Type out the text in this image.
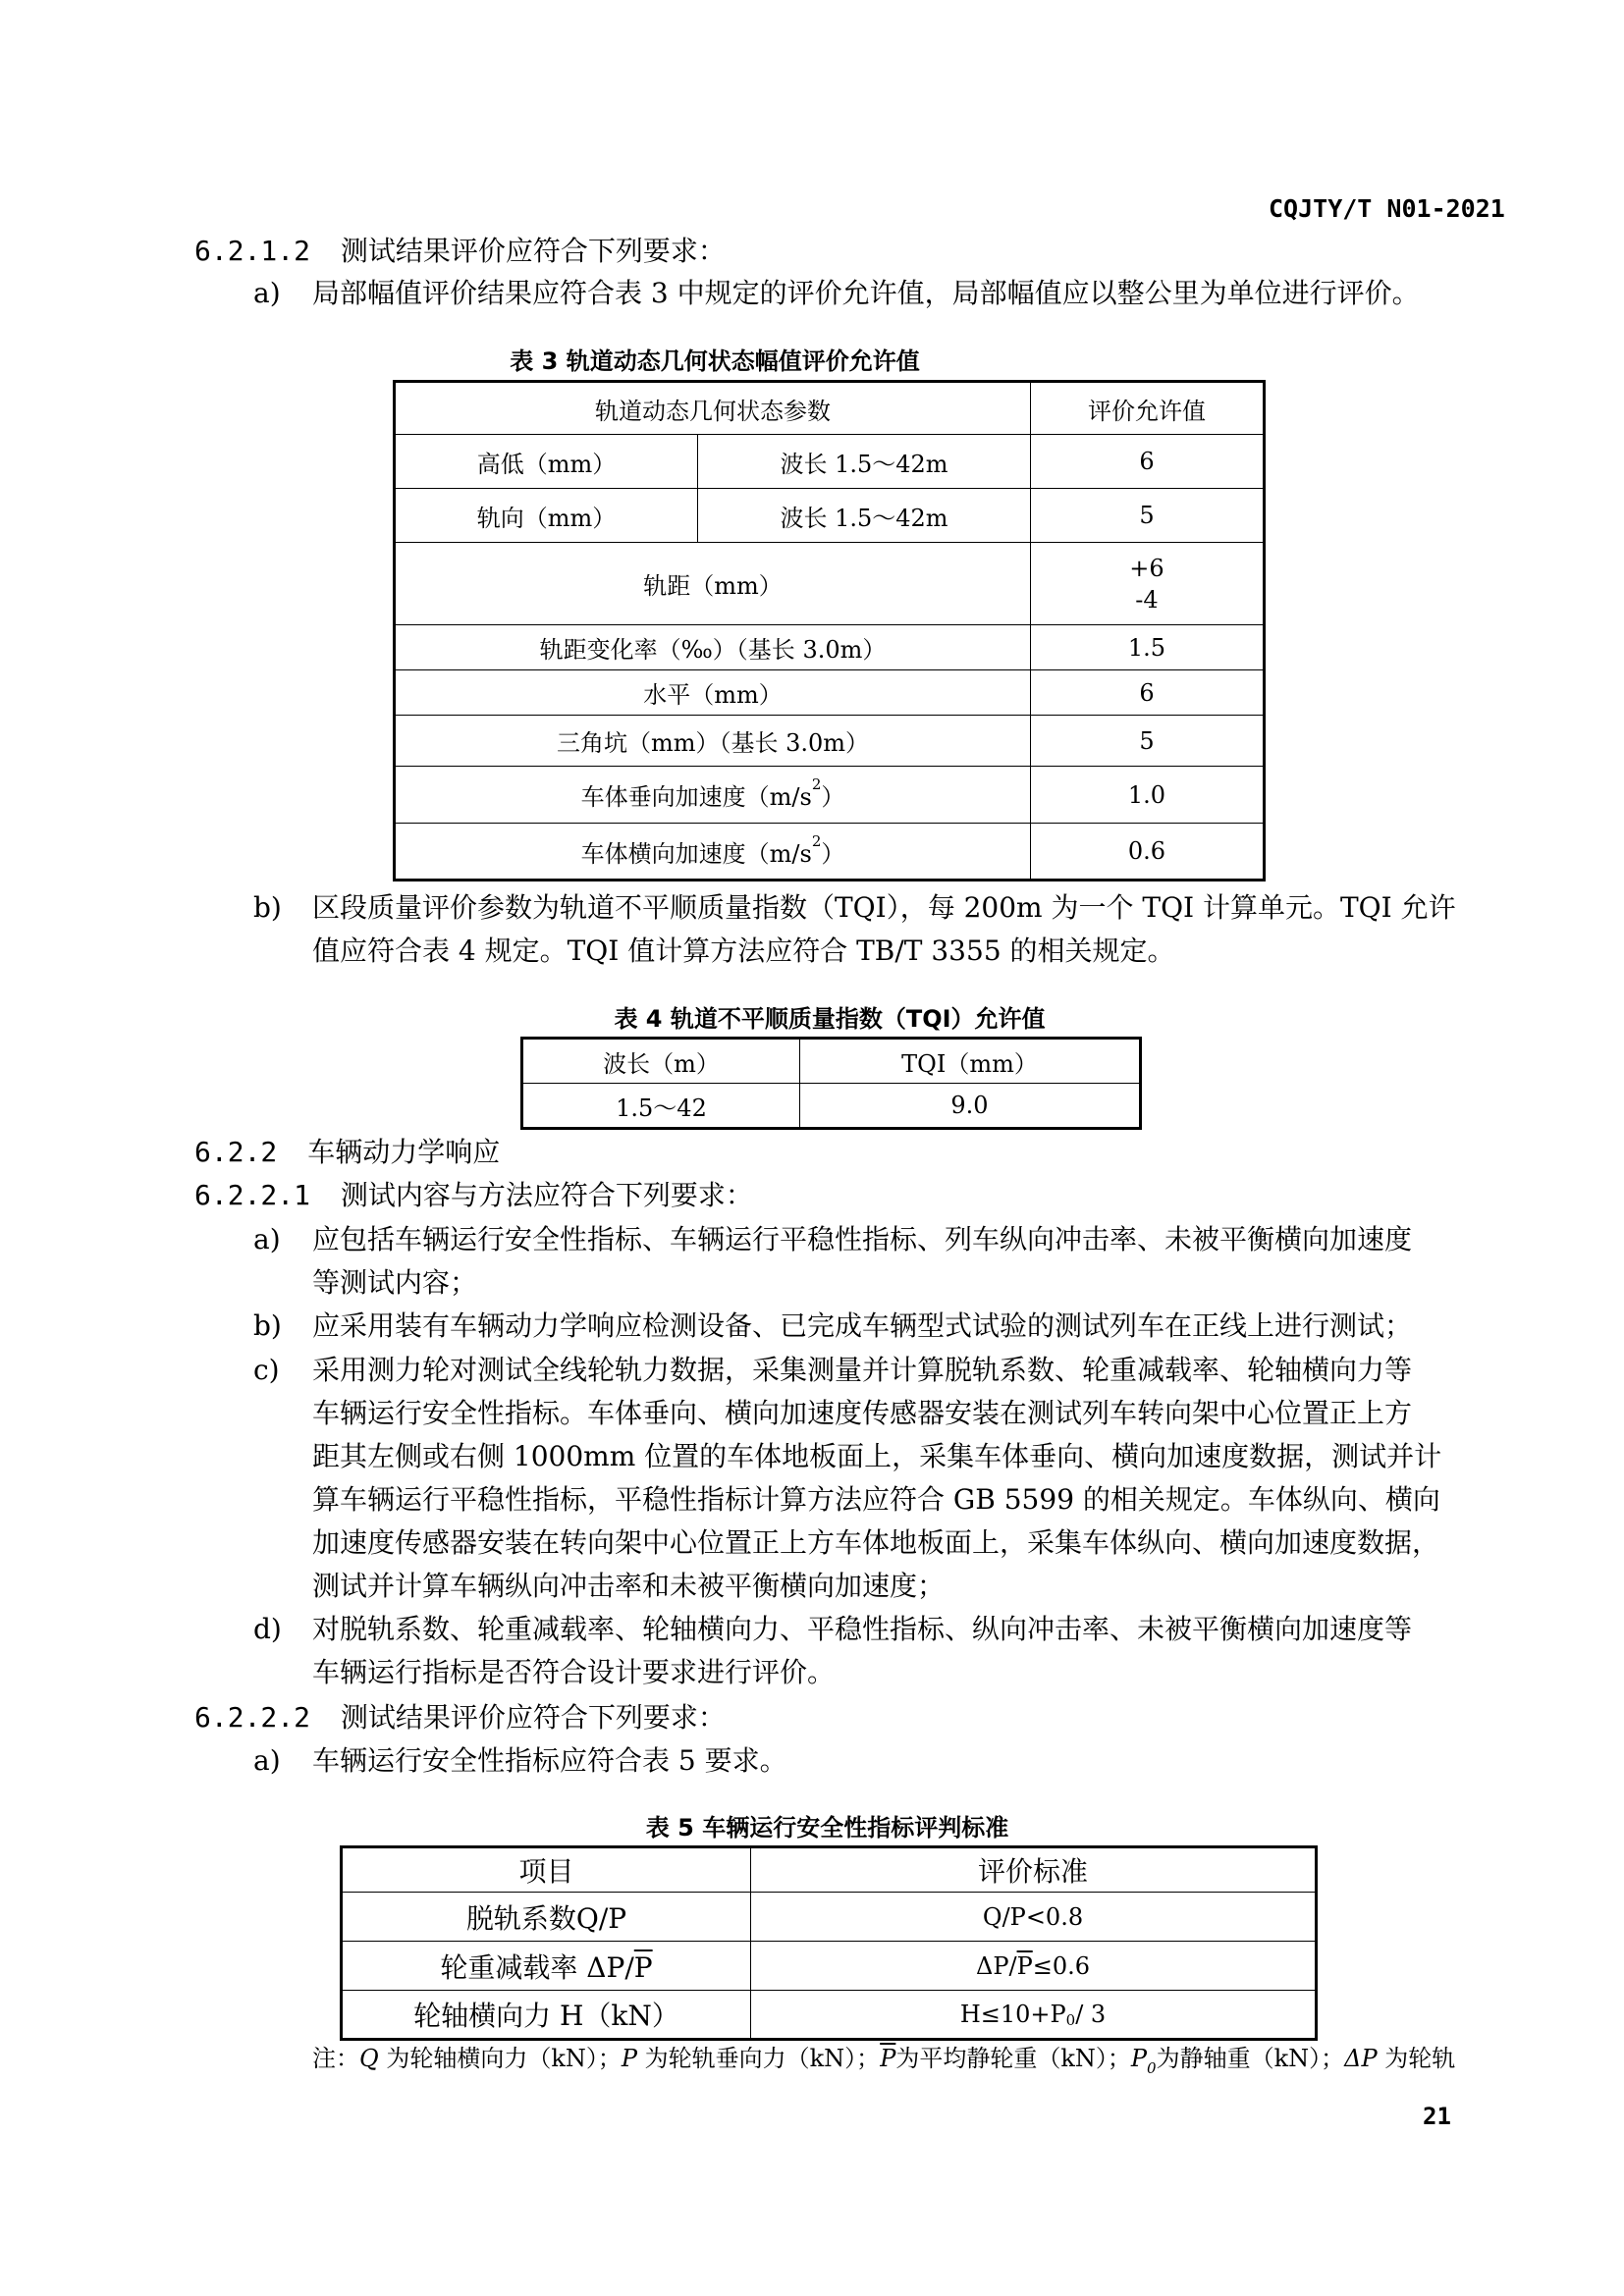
CQJTY/T N01-2021
6.2.1.2 测试结果评价应符合下列要求：
a) 局部幅值评价结果应符合表 3 中规定的评价允许值，局部幅值应以整公里为单位进行评价。
表 3 轨道动态几何状态幅值评价允许值
轨道动态几何状态参数		评价允许值
高低（mm）	波长 1.5～42m	6
轨向（mm）	波长 1.5～42m	5
轨距（mm）		+6
-4

轨距变化率（‰）（基长 3.0m）		1.5
水平（mm）		6
三角坑（mm）（基长 3.0m）		5
车体垂向加速度$(m/s^2)$		1.0
车体横向加速度$(m/s^2)$		0.6
b) 区段质量评价参数为轨道不平顺质量指数（TQI），每 200m 为一个 TQI 计算单元。TQI 允许
值应符合表 4 规定。TQI 值计算方法应符合 TB/T 3355 的相关规定。
表 4 轨道不平顺质量指数（TQI）允许值
波长（m）	TQI（mm）
1.5～42	9.0
6.2.2 车辆动力学响应
6.2.2.1 测试内容与方法应符合下列要求：
a) 应包括车辆运行安全性指标、车辆运行平稳性指标、列车纵向冲击率、未被平衡横向加速度
等测试内容；
b) 应采用装有车辆动力学响应检测设备、已完成车辆型式试验的测试列车在正线上进行测试；
c) 采用测力轮对测试全线轮轨力数据，采集测量并计算脱轨系数、轮重减载率、轮轴横向力等
车辆运行安全性指标。车体垂向、横向加速度传感器安装在测试列车转向架中心位置正上方
距其左侧或右侧 1000mm 位置的车体地板面上，采集车体垂向、横向加速度数据，测试并计
算车辆运行平稳性指标，平稳性指标计算方法应符合 GB 5599 的相关规定。车体纵向、横向
加速度传感器安装在转向架中心位置正上方车体地板面上，采集车体纵向、横向加速度数据，
测试并计算车辆纵向冲击率和未被平衡横向加速度；
d) 对脱轨系数、轮重减载率、轮轴横向力、平稳性指标、纵向冲击率、未被平衡横向加速度等
车辆运行指标是否符合设计要求进行评价。
6.2.2.2 测试结果评价应符合下列要求：
a) 车辆运行安全性指标应符合表 5 要求。
表 5 车辆运行安全性指标评判标准
项目	评价标准
脱轨系数Q/P	Q/P<0.8
轮重减载率 $\Delta P/\overline{P}$	$\Delta P/\overline{P}\le 0.6$
轮轴横向力 H（kN）	H≤10+P0/ 3
注：Q 为轮轴横向力（kN）；P 为轮轨垂向力（kN）；$\overline{P}$为平均静轮重（kN）；P0为静轴重（kN）；ΔP 为轮轨
21
